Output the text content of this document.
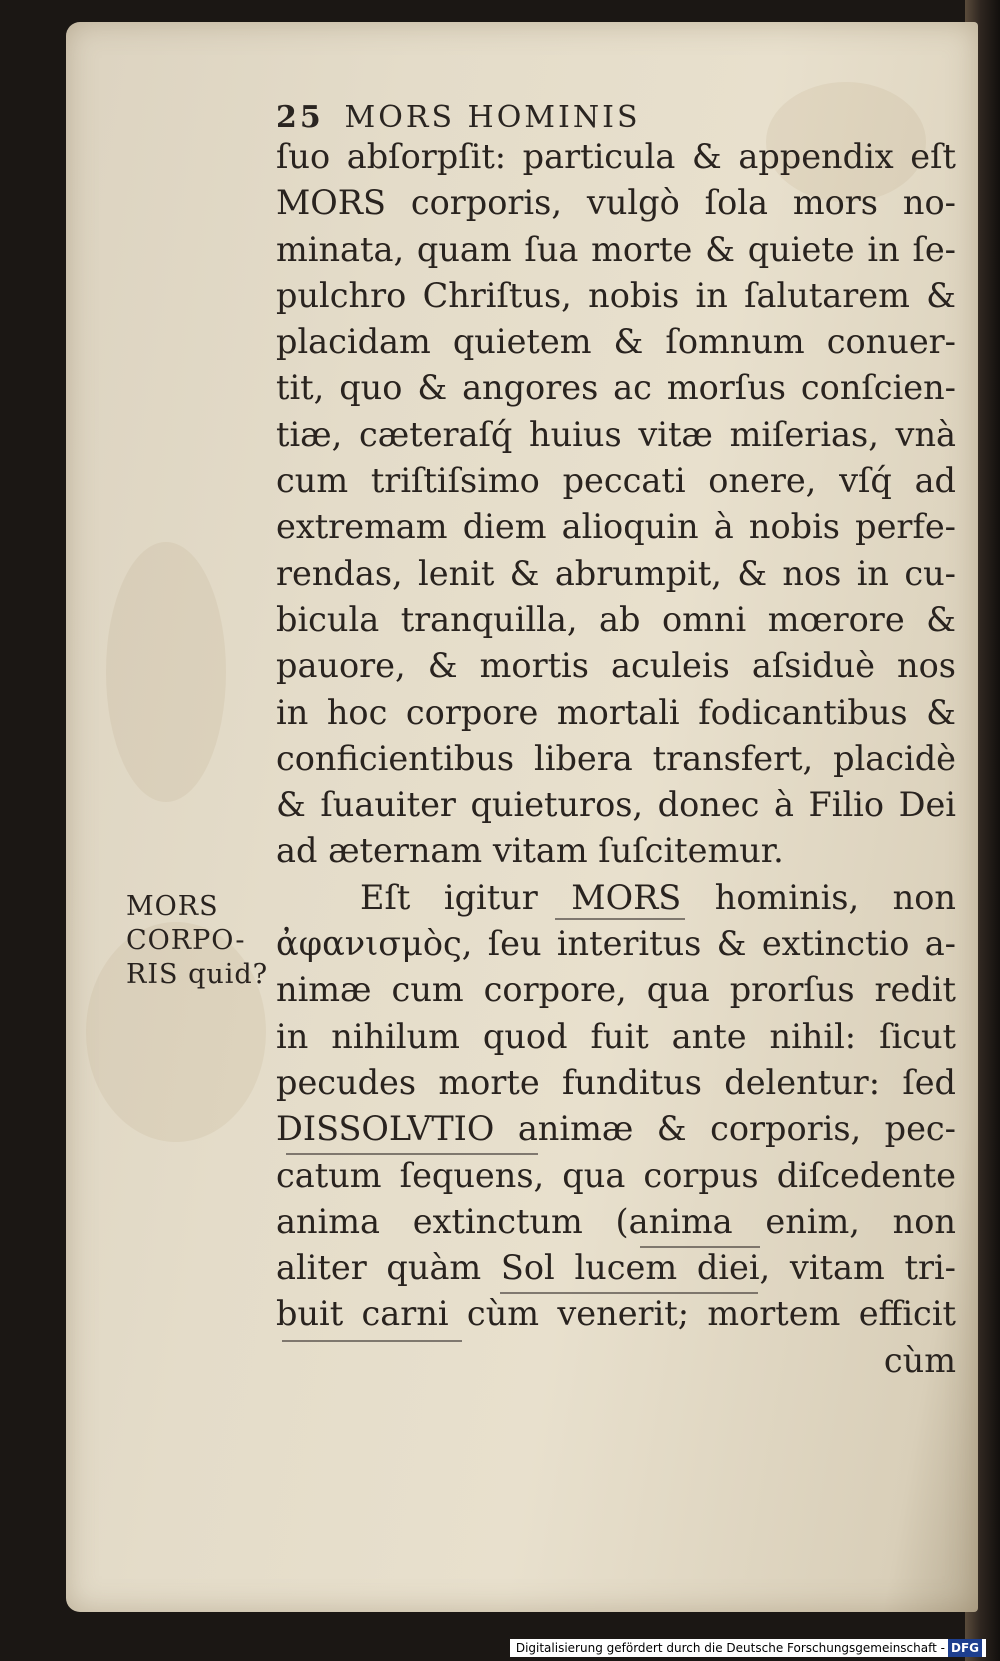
25 MORS HOMINIS
MORS
CORPO-
RIS quid?
ſuo abſorpſit: particula & appendix eſt
MORS corporis, vulgò ſola mors no-
minata, quam ſua morte & quiete in ſe-
pulchro Chriſtus, nobis in ſalutarem &
placidam quietem & ſomnum conuer-
tit, quo & angores ac morſus conſcien-
tiæ, cæteraſq́ huius vitæ miſerias, vnà
cum triſtiſsimo peccati onere, vſq́ ad
extremam diem alioquin à nobis perfe-
rendas, lenit & abrumpit, & nos in cu-
bicula tranquilla, ab omni mœrore &
pauore, & mortis aculeis aſsiduè nos
in hoc corpore mortali fodicantibus &
conficientibus libera transfert, placidè
& ſuauiter quieturos, donec à Filio Dei
ad æternam vitam ſuſcitemur.
Eſt igitur MORS hominis, non
ἀφανισμὸς, ſeu interitus & extinctio a-
nimæ cum corpore, qua prorſus redit
in nihilum quod fuit ante nihil: ſicut
pecudes morte funditus delentur: ſed
DISSOLVTIO animæ & corporis, pec-
catum ſequens, qua corpus diſcedente
anima extinctum (anima enim, non
aliter quàm Sol lucem diei, vitam tri-
buit carni cùm venerit; mortem efficit
cùm
Digitalisierung gefördert durch die Deutsche Forschungsgemeinschaft - DFG
